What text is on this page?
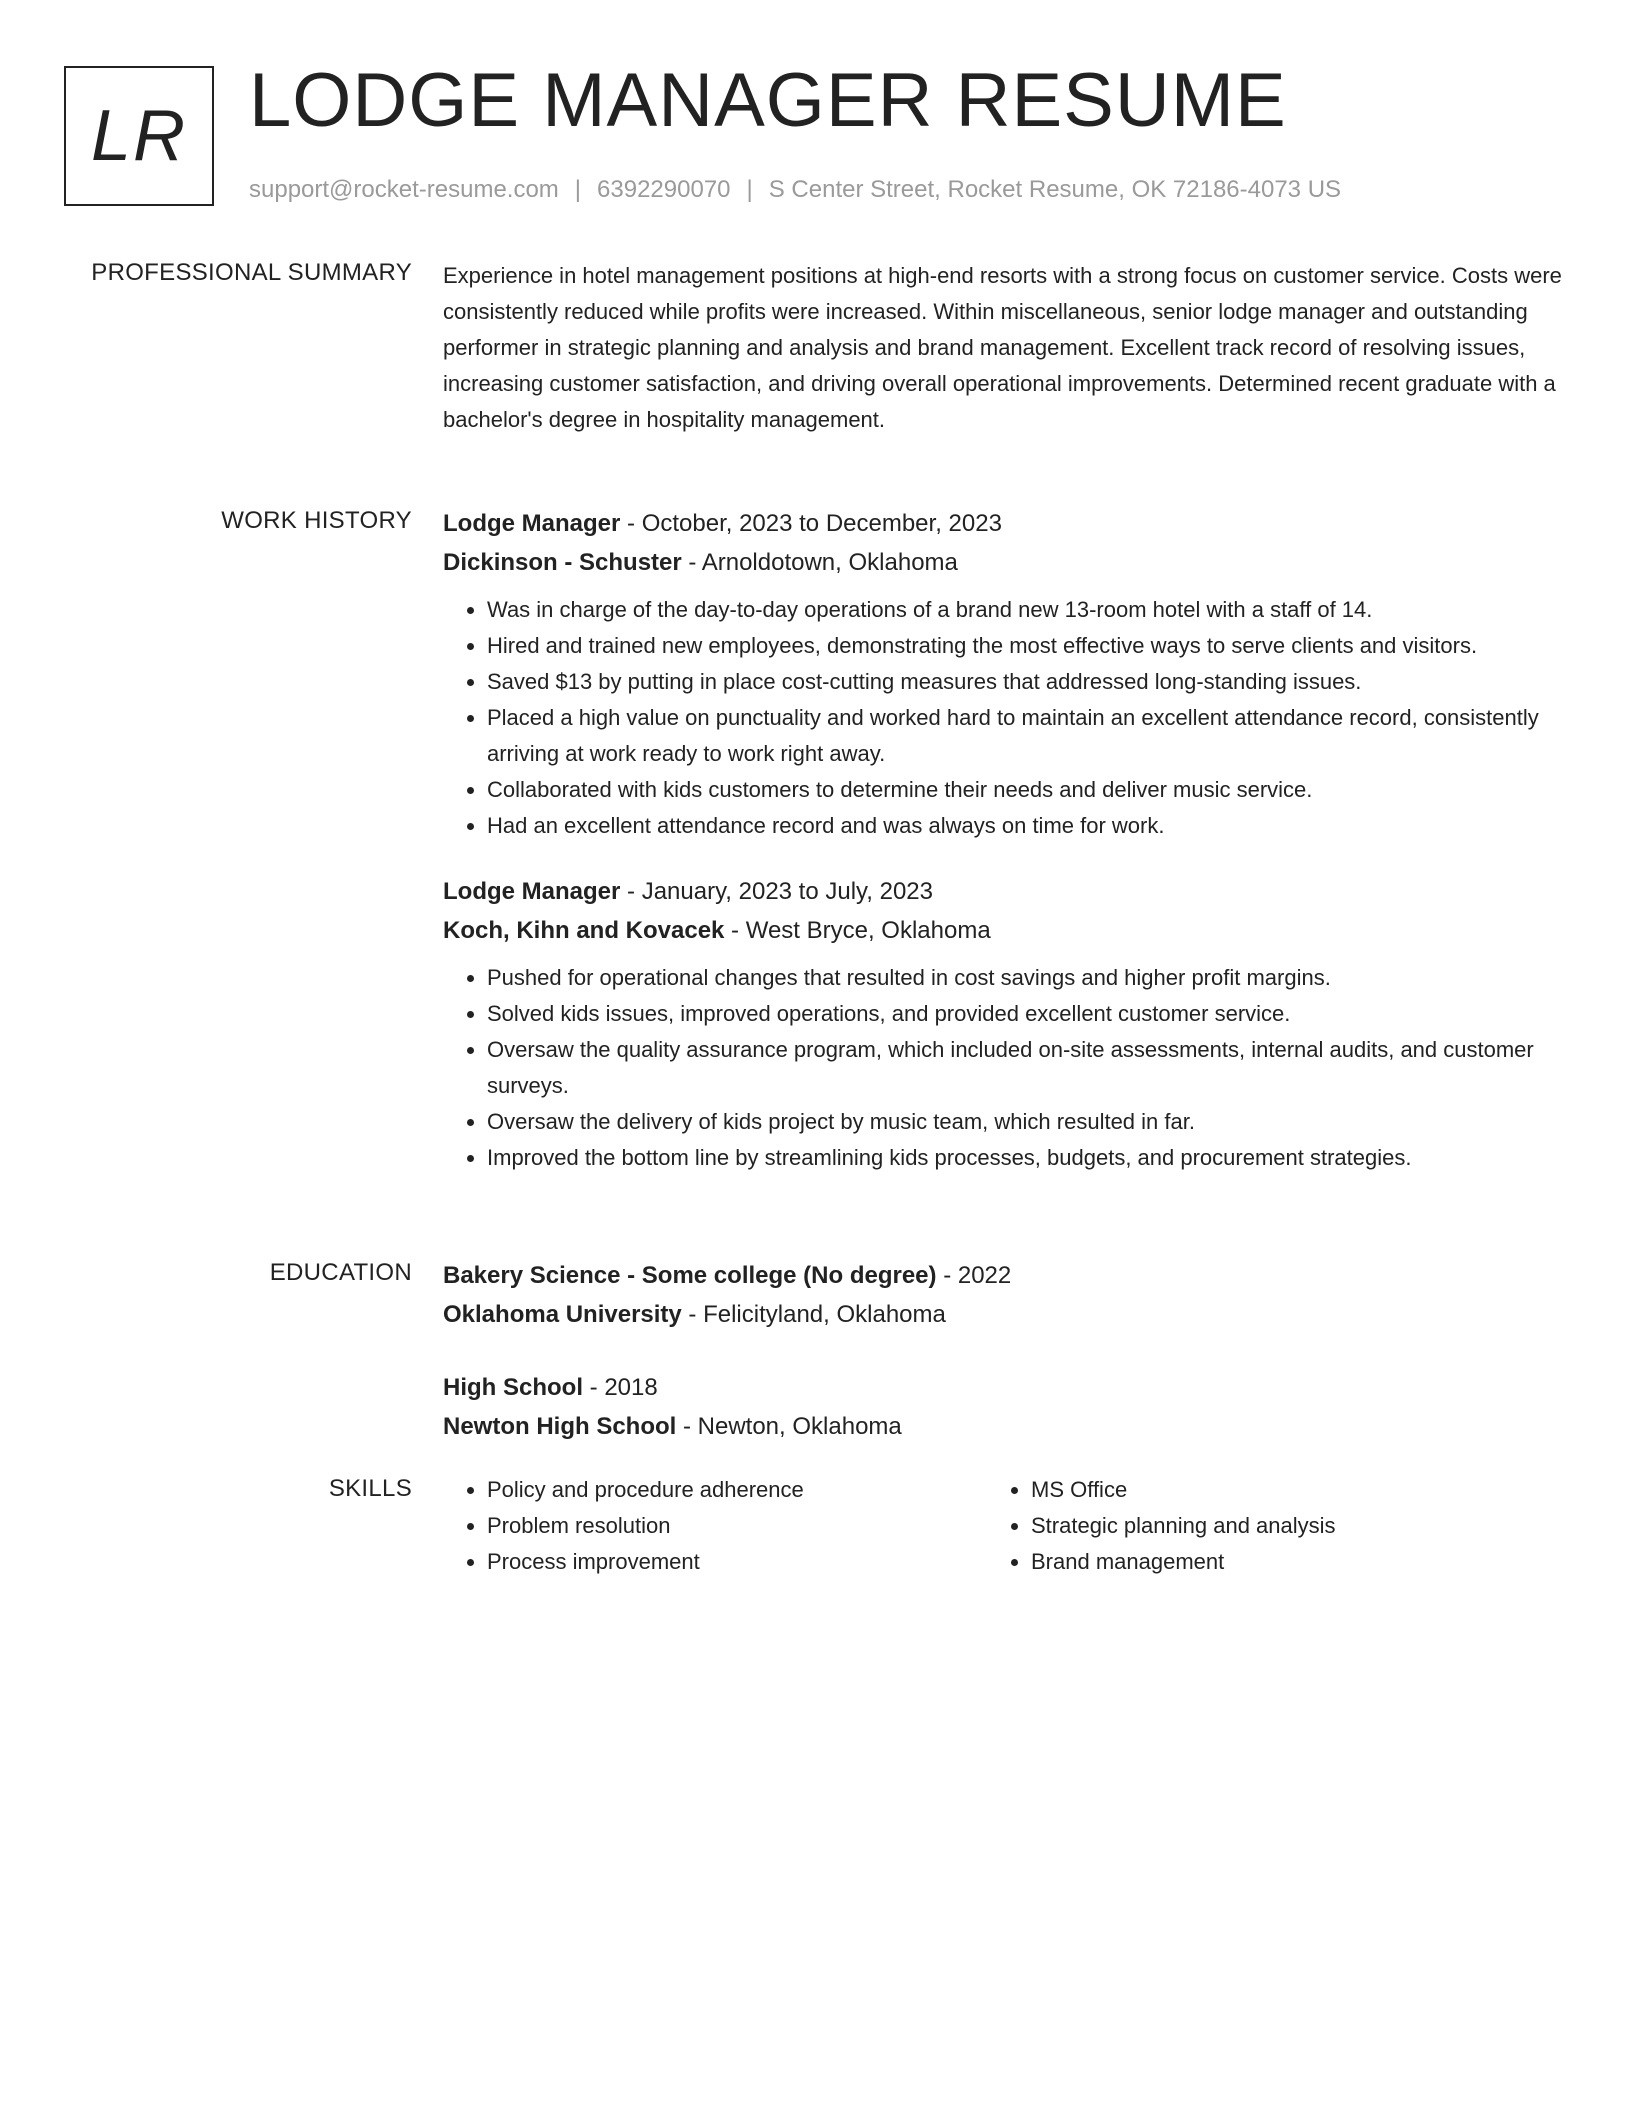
LR LODGE MANAGER RESUME
support@rocket-resume.com | 6392290070 | S Center Street, Rocket Resume, OK 72186-4073 US
PROFESSIONAL SUMMARY Experience in hotel management positions at high-end resorts with a strong focus on customer service. Costs were consistently reduced while profits were increased. Within miscellaneous, senior lodge manager and outstanding performer in strategic planning and analysis and brand management. Excellent track record of resolving issues, increasing customer satisfaction, and driving overall operational improvements. Determined recent graduate with a bachelor's degree in hospitality management.

WORK HISTORY Lodge Manager - October, 2023 to December, 2023
Dickinson - Schuster - Arnoldotown, Oklahoma
• Was in charge of the day-to-day operations of a brand new 13-room hotel with a staff of 14.
• Hired and trained new employees, demonstrating the most effective ways to serve clients and visitors.
• Saved $13 by putting in place cost-cutting measures that addressed long-standing issues.
• Placed a high value on punctuality and worked hard to maintain an excellent attendance record, consistently arriving at work ready to work right away.
• Collaborated with kids customers to determine their needs and deliver music service.
• Had an excellent attendance record and was always on time for work.
Lodge Manager - January, 2023 to July, 2023
Koch, Kihn and Kovacek - West Bryce, Oklahoma
• Pushed for operational changes that resulted in cost savings and higher profit margins.
• Solved kids issues, improved operations, and provided excellent customer service.
• Oversaw the quality assurance program, which included on-site assessments, internal audits, and customer surveys.
• Oversaw the delivery of kids project by music team, which resulted in far.
• Improved the bottom line by streamlining kids processes, budgets, and procurement strategies.
EDUCATION Bakery Science - Some college (No degree) - 2022
Oklahoma University - Felicityland, Oklahoma
High School - 2018
Newton High School - Newton, Oklahoma
SKILLS
•	Policy and procedure adherence
• Problem resolution
• Process improvement
• MS Office
• Strategic planning and analysis
• Brand management
